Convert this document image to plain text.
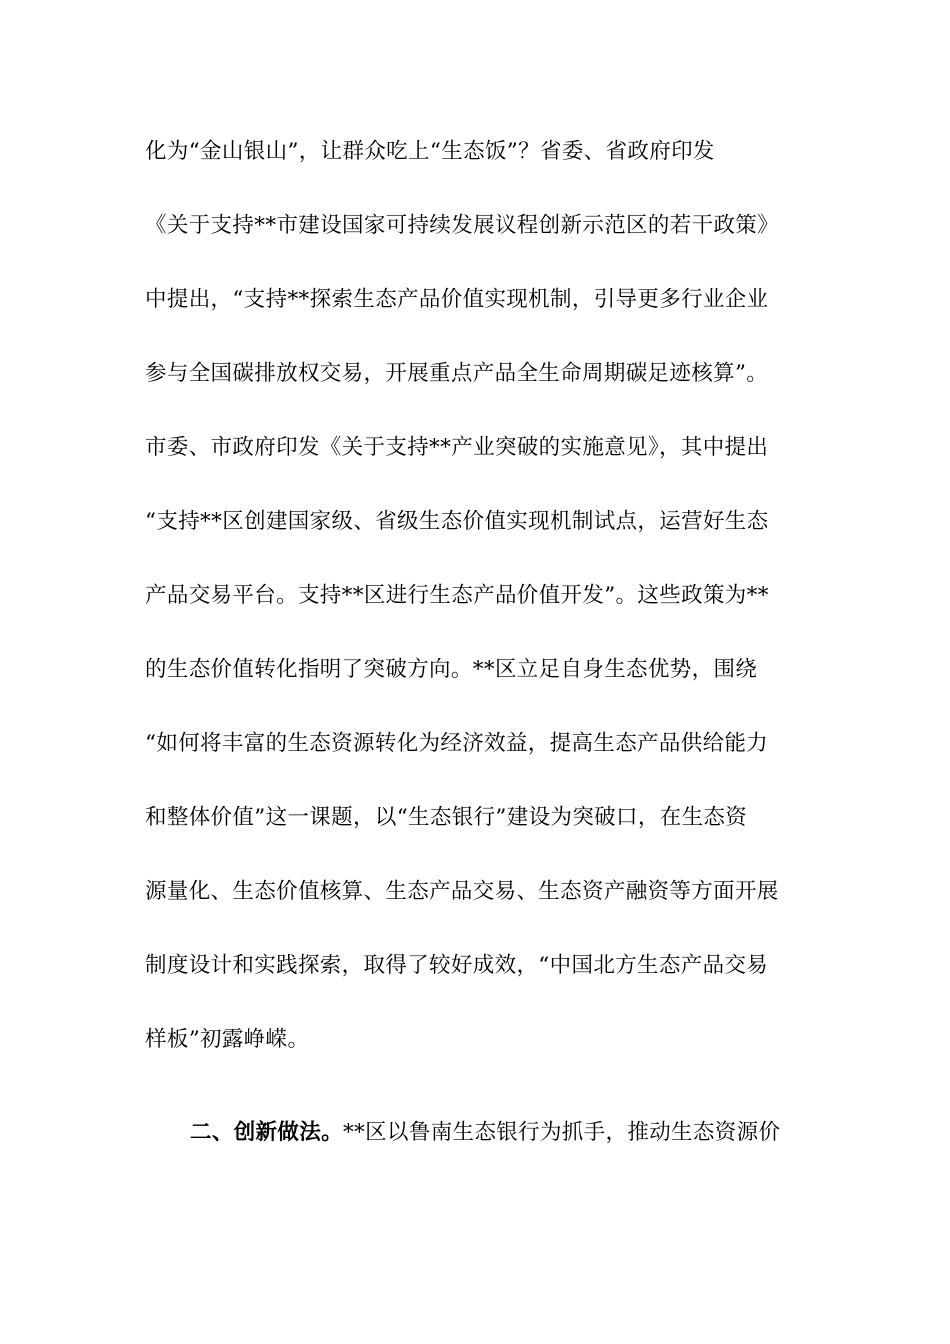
化为“金山银山”，让群众吃上“生态饭”？省委、省政府印发
《关于支持**市建设国家可持续发展议程创新示范区的若干政策》
中提出，“支持**探索生态产品价值实现机制，引导更多行业企业
参与全国碳排放权交易，开展重点产品全生命周期碳足迹核算”。
市委、市政府印发《关于支持**产业突破的实施意见》，其中提出
“支持**区创建国家级、省级生态价值实现机制试点，运营好生态
产品交易平台。支持**区进行生态产品价值开发”。这些政策为**
的生态价值转化指明了突破方向。**区立足自身生态优势，围绕
“如何将丰富的生态资源转化为经济效益，提高生态产品供给能力
和整体价值”这一课题，以“生态银行”建设为突破口，在生态资
源量化、生态价值核算、生态产品交易、生态资产融资等方面开展
制度设计和实践探索，取得了较好成效，“中国北方生态产品交易
样板”初露峥嵘。
二、创新做法。**区以鲁南生态银行为抓手，推动生态资源价
